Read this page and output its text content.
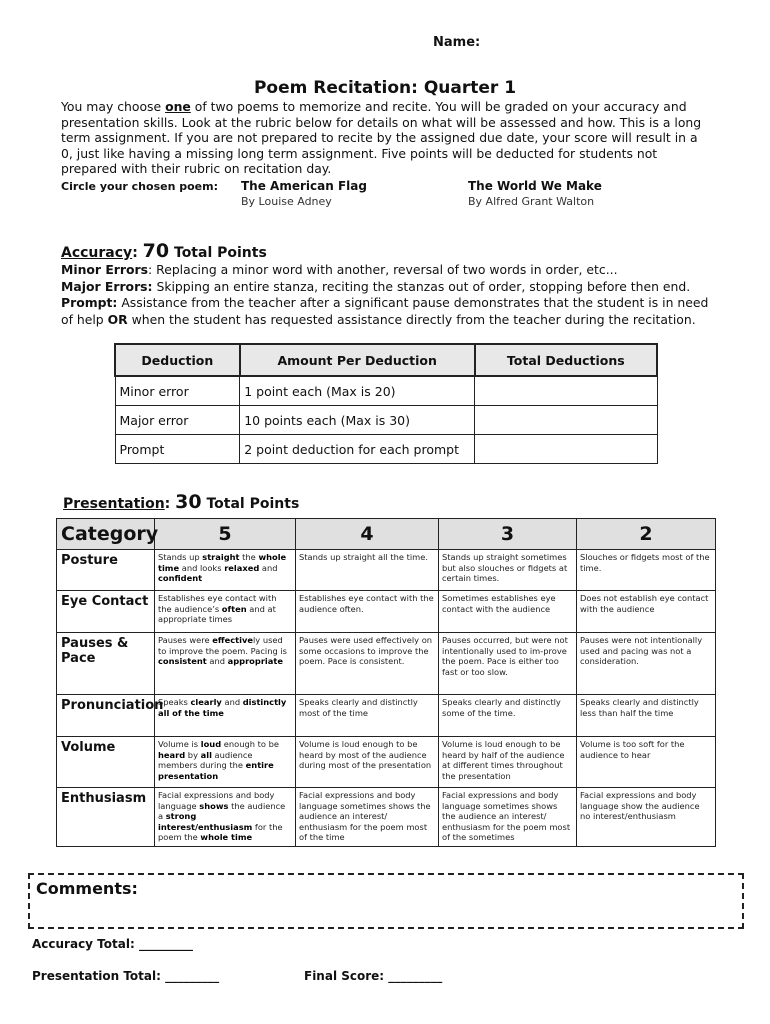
Name:
Poem Recitation: Quarter 1
You may choose one of two poems to memorize and recite. You will be graded on your accuracy and presentation skills. Look at the rubric below for details on what will be assessed and how. This is a long term assignment. If you are not prepared to recite by the assigned due date, your score will result in a 0, just like having a missing long term assignment. Five points will be deducted for students not prepared with their rubric on recitation day.
Circle your chosen poem: The American Flag
By Louise Adney
The World We Make
By Alfred Grant Walton
Accuracy: 70 Total Points
Minor Errors: Replacing a minor word with another, reversal of two words in order, etc...
Major Errors: Skipping an entire stanza, reciting the stanzas out of order, stopping before then end.
Prompt: Assistance from the teacher after a significant pause demonstrates that the student is in need of help OR when the student has requested assistance directly from the teacher during the recitation.
Deduction	Amount Per Deduction	Total Deductions
Minor error	1 point each (Max is 20)	
Major error	10 points each (Max is 30)	
Prompt	2 point deduction for each prompt	
Presentation: 30 Total Points
Category	5	4	3	2
Posture	Stands up straight the whole time and looks relaxed and confident	Stands up straight all the time.	Stands up straight sometimes but also slouches or fidgets at certain times.	Slouches or fidgets most of the time.
Eye Contact	Establishes eye contact with the audience’s often and at appropriate times	Establishes eye contact with the audience often.	Sometimes establishes eye contact with the audience	Does not establish eye contact with the audience
Pauses & Pace	Pauses were effectively used to improve the poem. Pacing is consistent and appropriate	Pauses were used effectively on some occasions to improve the poem. Pace is consistent.	Pauses occurred, but were not intentionally used to im-prove the poem. Pace is either too fast or too slow.	Pauses were not intentionally used and pacing was not a consideration.
Pronunciation	Speaks clearly and distinctly all of the time	Speaks clearly and distinctly most of the time	Speaks clearly and distinctly some of the time.	Speaks clearly and distinctly less than half the time
Volume	Volume is loud enough to be heard by all audience members during the entire presentation	Volume is loud enough to be heard by most of the audience during most of the presentation	Volume is loud enough to be heard by half of the audience at different times throughout the presentation	Volume is too soft for the audience to hear
Enthusiasm	Facial expressions and body language shows the audience a strong interest/enthusiasm for the poem the whole time	Facial expressions and body language sometimes shows the audience an interest/ enthusiasm for the poem most of the time	Facial expressions and body language sometimes shows the audience an interest/ enthusiasm for the poem most of the sometimes	Facial expressions and body language show the audience no interest/enthusiasm
Comments:
Accuracy Total: _________
Presentation Total: _________	Final Score: _________
